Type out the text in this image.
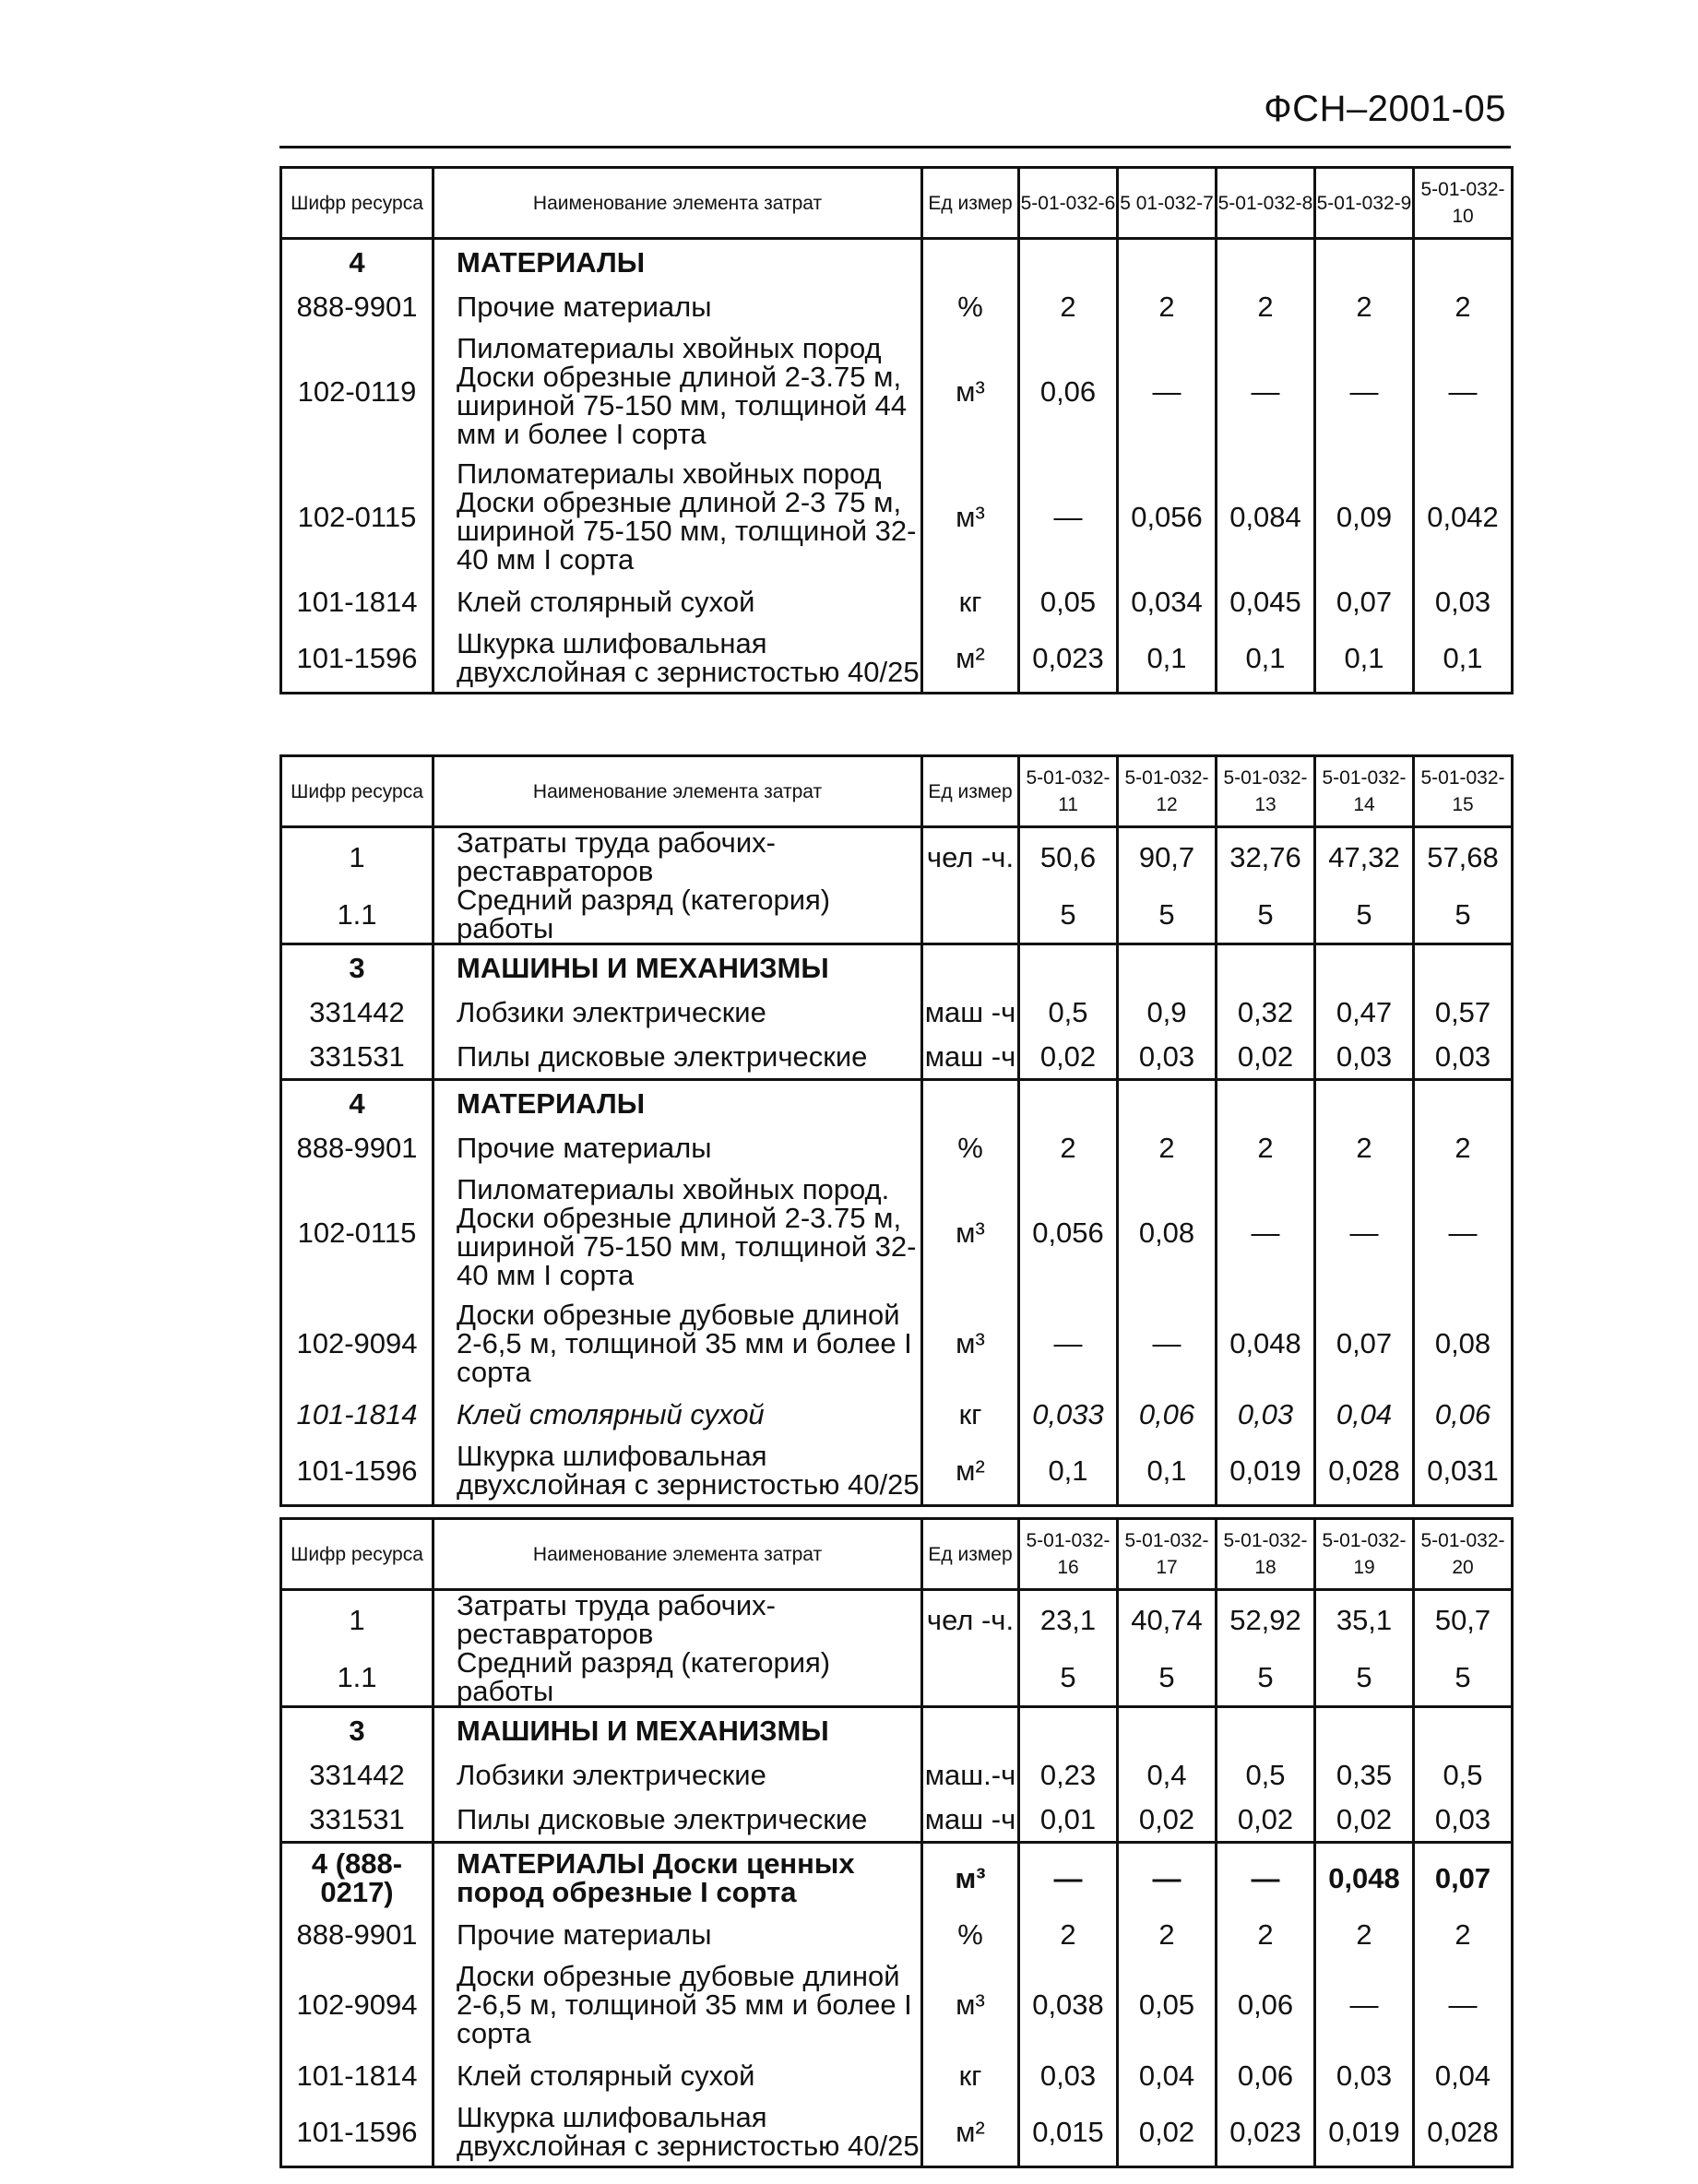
ФСН–2001-05
Шифр ресурса	Наименование элемента затрат	Ед измер	5-01-032-6	5 01-032-7	5-01-032-8	5-01-032-9	5-01-032-10
4	МАТЕРИАЛЫ						
888-9901	Прочие материалы	%	2	2	2	2	2
102-0119	Пиломатериалы хвойных пород Доски обрезные длиной 2-3.75 м, шириной 75-150 мм, толщиной 44 мм и более I сорта	м³	0,06	—	—	—	—
102-0115	Пиломатериалы хвойных пород Доски обрезные длиной 2-3 75 м, шириной 75-150 мм, толщиной 32-40 мм I сорта	м³	—	0,056	0,084	0,09	0,042
101-1814	Клей столярный сухой	кг	0,05	0,034	0,045	0,07	0,03
101-1596	Шкурка шлифовальная двухслойная с зернистостью 40/25	м²	0,023	0,1	0,1	0,1	0,1
Шифр ресурса	Наименование элемента затрат	Ед измер	5-01-032-11	5-01-032-12	5-01-032-13	5-01-032-14	5-01-032-15
1	Затраты труда рабочих-реставраторов	чел -ч.	50,6	90,7	32,76	47,32	57,68
1.1	Средний разряд (категория) работы		5	5	5	5	5
3	МАШИНЫ И МЕХАНИЗМЫ						
331442	Лобзики электрические	маш -ч	0,5	0,9	0,32	0,47	0,57
331531	Пилы дисковые электрические	маш -ч	0,02	0,03	0,02	0,03	0,03
4	МАТЕРИАЛЫ						
888-9901	Прочие материалы	%	2	2	2	2	2
102-0115	Пиломатериалы хвойных пород. Доски обрезные длиной 2-3.75 м, шириной 75-150 мм, толщиной 32-40 мм I сорта	м³	0,056	0,08	—	—	—
102-9094	Доски обрезные дубовые длиной 2-6,5 м, толщиной 35 мм и более I сорта	м³	—	—	0,048	0,07	0,08
101-1814	Клей столярный сухой	кг	0,033	0,06	0,03	0,04	0,06
101-1596	Шкурка шлифовальная двухслойная с зернистостью 40/25	м²	0,1	0,1	0,019	0,028	0,031
Шифр ресурса	Наименование элемента затрат	Ед измер	5-01-032-16	5-01-032-17	5-01-032-18	5-01-032-19	5-01-032-20
1	Затраты труда рабочих-реставраторов	чел -ч.	23,1	40,74	52,92	35,1	50,7
1.1	Средний разряд (категория) работы		5	5	5	5	5
3	МАШИНЫ И МЕХАНИЗМЫ						
331442	Лобзики электрические	маш.-ч	0,23	0,4	0,5	0,35	0,5
331531	Пилы дисковые электрические	маш -ч	0,01	0,02	0,02	0,02	0,03
4 (888-0217)	МАТЕРИАЛЫ Доски ценных пород обрезные I сорта	м³	—	—	—	0,048	0,07
888-9901	Прочие материалы	%	2	2	2	2	2
102-9094	Доски обрезные дубовые длиной 2-6,5 м, толщиной 35 мм и более I сорта	м³	0,038	0,05	0,06	—	—
101-1814	Клей столярный сухой	кг	0,03	0,04	0,06	0,03	0,04
101-1596	Шкурка шлифовальная двухслойная с зернистостью 40/25	м²	0,015	0,02	0,023	0,019	0,028
